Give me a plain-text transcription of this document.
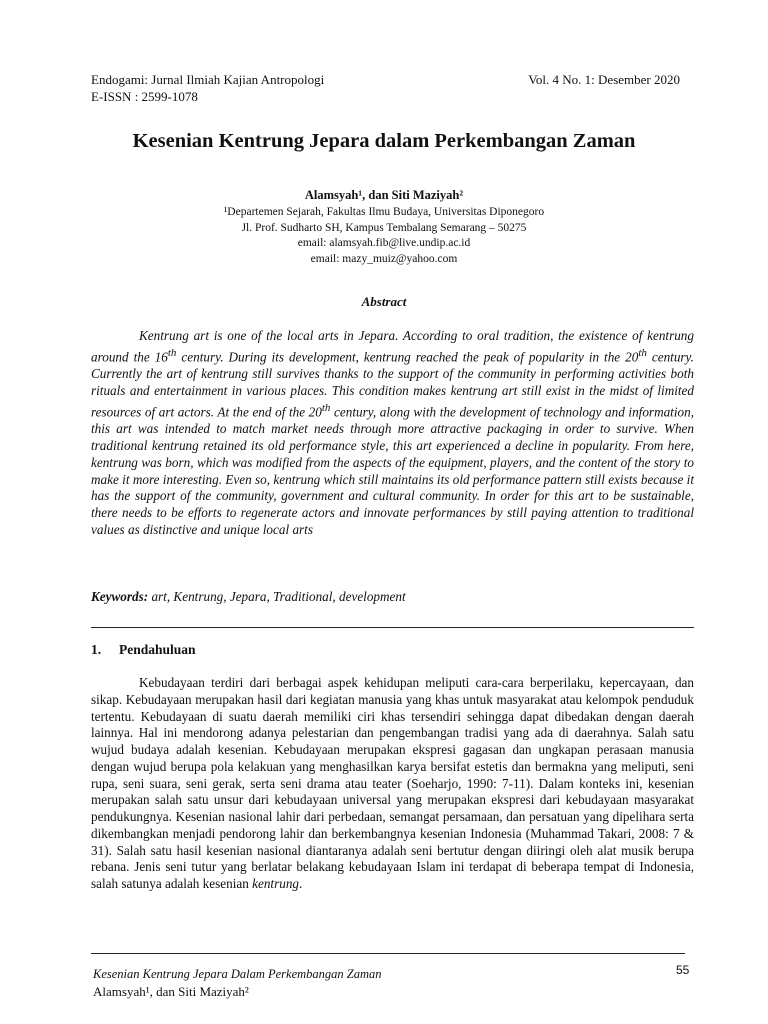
Endogami: Jurnal Ilmiah Kajian Antropologi	Vol. 4 No. 1: Desember 2020
E-ISSN : 2599-1078
Kesenian Kentrung Jepara dalam Perkembangan Zaman
Alamsyah¹, dan Siti Maziyah²
¹Departemen Sejarah, Fakultas Ilmu Budaya, Universitas Diponegoro
Jl. Prof. Sudharto SH, Kampus Tembalang Semarang – 50275
email: alamsyah.fib@live.undip.ac.id
email: mazy_muiz@yahoo.com
Abstract

Kentrung art is one of the local arts in Jepara. According to oral tradition, the existence of kentrung around the 16th century. During its development, kentrung reached the peak of popularity in the 20th century. Currently the art of kentrung still survives thanks to the support of the community in performing activities both rituals and entertainment in various places. This condition makes kentrung art still exist in the midst of limited resources of art actors. At the end of the 20th century, along with the development of technology and information, this art was intended to match market needs through more attractive packaging in order to survive. When traditional kentrung retained its old performance style, this art experienced a decline in popularity. From here, kentrung was born, which was modified from the aspects of the equipment, players, and the content of the story to make it more interesting. Even so, kentrung which still maintains its old performance pattern still exists because it has the support of the community, government and cultural community. In order for this art to be sustainable, there needs to be efforts to regenerate actors and innovate performances by still paying attention to traditional values as distinctive and unique local arts

Keywords: art, Kentrung, Jepara, Traditional, development
1. Pendahuluan

Kebudayaan terdiri dari berbagai aspek kehidupan meliputi cara-cara berperilaku, kepercayaan, dan sikap. Kebudayaan merupakan hasil dari kegiatan manusia yang khas untuk masyarakat atau kelompok penduduk tertentu. Kebudayaan di suatu daerah memiliki ciri khas tersendiri sehingga dapat dibedakan dengan daerah lainnya. Hal ini mendorong adanya pelestarian dan pengembangan tradisi yang ada di daerahnya. Salah satu wujud budaya adalah kesenian. Kebudayaan merupakan ekspresi gagasan dan ungkapan perasaan manusia dengan wujud berupa pola kelakuan yang menghasilkan karya bersifat estetis dan bermakna yang meliputi, seni rupa, seni suara, seni gerak, serta seni drama atau teater (Soeharjo, 1990: 7-11). Dalam konteks ini, kesenian merupakan salah satu unsur dari kebudayaan universal yang merupakan ekspresi dari kebudayaan masyarakat pendukungnya. Kesenian nasional lahir dari perbedaan, semangat persamaan, dan persatuan yang dipelihara serta dikembangkan menjadi pendorong lahir dan berkembangnya kesenian Indonesia (Muhammad Takari, 2008: 7 & 31). Salah satu hasil kesenian nasional diantaranya adalah seni bertutur dengan diiringi oleh alat musik berupa rebana. Jenis seni tutur yang berlatar belakang kebudayaan Islam ini terdapat di beberapa tempat di Indonesia, salah satunya adalah kesenian kentrung.

Kesenian Kentrung Jepara Dalam Perkembangan Zaman
Alamsyah¹, dan Siti Maziyah²
55
